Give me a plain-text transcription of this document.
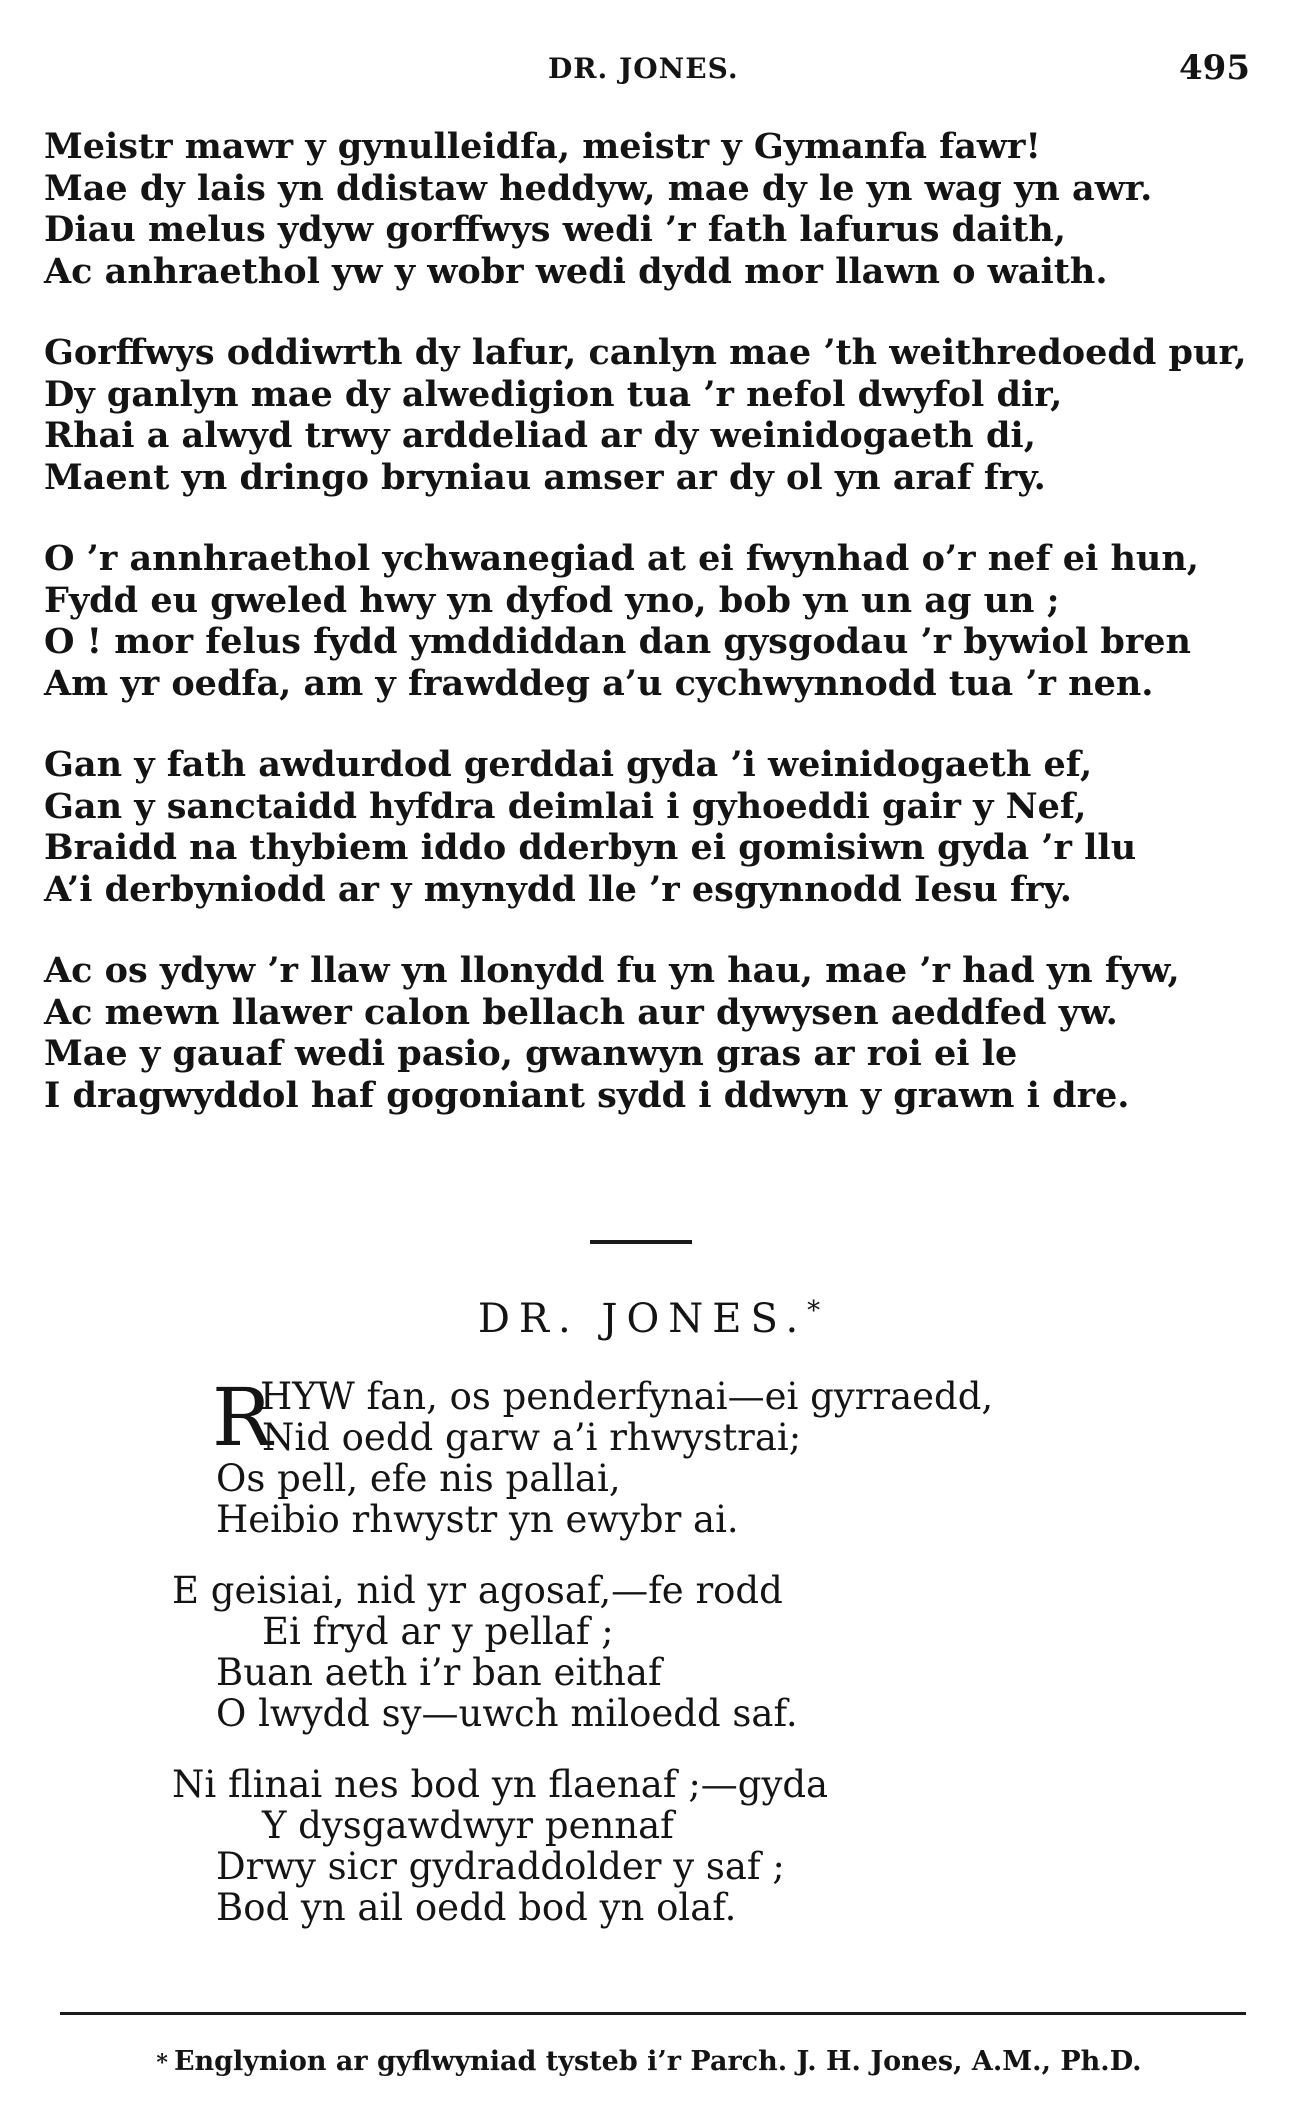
DR. JONES.	495
Meistr mawr y gynulleidfa, meistr y Gymanfa fawr!
Mae dy lais yn ddistaw heddyw, mae dy le yn wag yn awr.
Diau melus ydyw gorffwys wedi ’r fath lafurus daith,
Ac anhraethol yw y wobr wedi dydd mor llawn o waith.
Gorffwys oddiwrth dy lafur, canlyn mae ’th weithredoedd pur,
Dy ganlyn mae dy alwedigion tua ’r nefol dwyfol dir,
Rhai a alwyd trwy arddeliad ar dy weinidogaeth di,
Maent yn dringo bryniau amser ar dy ol yn araf fry.
O ’r annhraethol ychwanegiad at ei fwynhad o’r nef ei hun,
Fydd eu gweled hwy yn dyfod yno, bob yn un ag un ;
O ! mor felus fydd ymddiddan dan gysgodau ’r bywiol bren
Am yr oedfa, am y frawddeg a’u cychwynnodd tua ’r nen.
Gan y fath awdurdod gerddai gyda ’i weinidogaeth ef,
Gan y sanctaidd hyfdra deimlai i gyhoeddi gair y Nef,
Braidd na thybiem iddo dderbyn ei gomisiwn gyda ’r llu
A’i derbyniodd ar y mynydd lle ’r esgynnodd Iesu fry.
Ac os ydyw ’r llaw yn llonydd fu yn hau, mae ’r had yn fyw,
Ac mewn llawer calon bellach aur dywysen aeddfed yw.
Mae y gauaf wedi pasio, gwanwyn gras ar roi ei le
I dragwyddol haf gogoniant sydd i ddwyn y grawn i dre.
DR. JONES.*
R
HYW fan, os penderfynai—ei gyrraedd,
Nid oedd garw a’i rhwystrai;
Os pell, efe nis pallai,
Heibio rhwystr yn ewybr ai.
E geisiai, nid yr agosaf,—fe rodd
Ei fryd ar y pellaf ;
Buan aeth i’r ban eithaf
O lwydd sy—uwch miloedd saf.
Ni flinai nes bod yn flaenaf ;—gyda
Y dysgawdwyr pennaf
Drwy sicr gydraddolder y saf ;
Bod yn ail oedd bod yn olaf.
* Englynion ar gyflwyniad tysteb i’r Parch. J. H. Jones, A.M., Ph.D.
